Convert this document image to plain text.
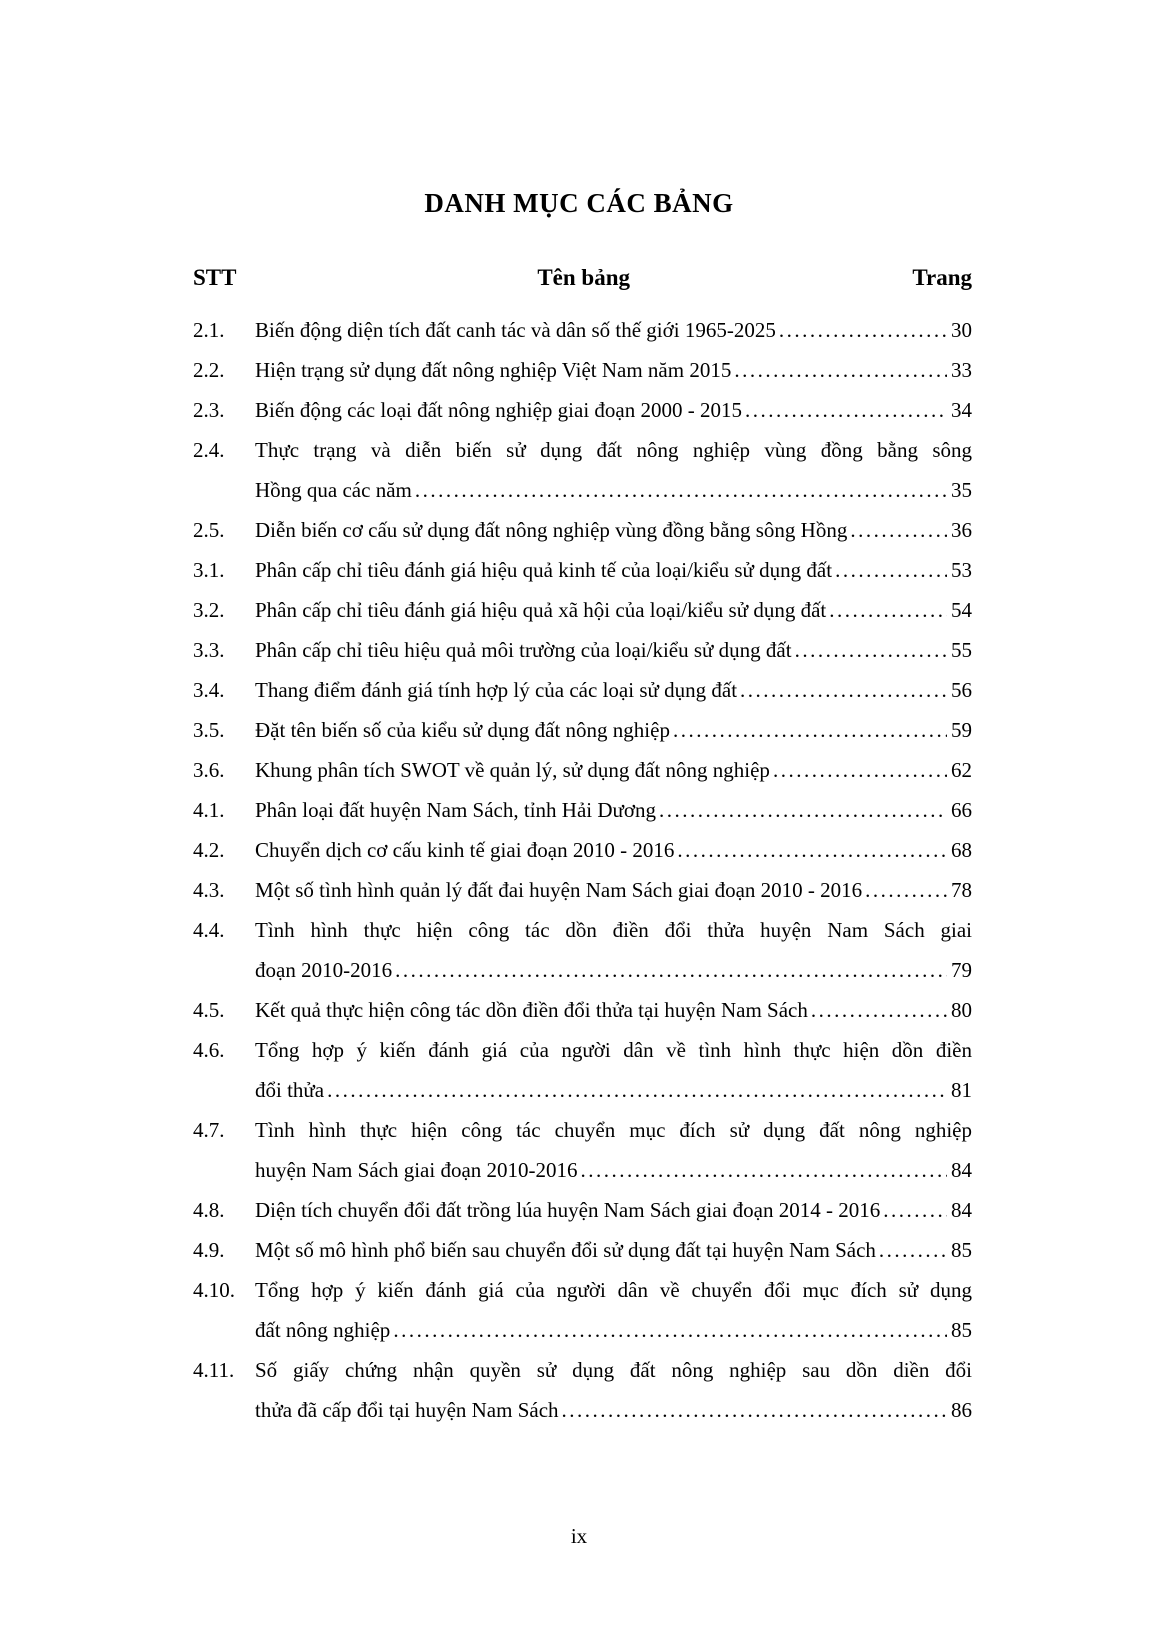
DANH MỤC CÁC BẢNG
STT	Tên bảng	Trang
2.1.	Biến động diện tích đất canh tác và dân số thế giới 1965-2025 .....	30
2.2.	Hiện trạng sử dụng đất nông nghiệp Việt Nam năm 2015 .....	33
2.3.	Biến động các loại đất nông nghiệp giai đoạn 2000 - 2015 .....	34
2.4.	Thực trạng và diễn biến sử dụng đất nông nghiệp vùng đồng bằng sông
Hồng qua các năm .....	35
2.5.	Diễn biến cơ cấu sử dụng đất nông nghiệp vùng đồng bằng sông Hồng .....	36
3.1.	Phân cấp chỉ tiêu đánh giá hiệu quả kinh tế của loại/kiểu sử dụng đất .....	53
3.2.	Phân cấp chỉ tiêu đánh giá hiệu quả xã hội của loại/kiểu sử dụng đất .....	54
3.3.	Phân cấp chỉ tiêu hiệu quả môi trường của loại/kiểu sử dụng đất .....	55
3.4.	Thang điểm đánh giá tính hợp lý của các loại sử dụng đất .....	56
3.5.	Đặt tên biến số của kiểu sử dụng đất nông nghiệp .....	59
3.6.	Khung phân tích SWOT về quản lý, sử dụng đất nông nghiệp .....	62
4.1.	Phân loại đất huyện Nam Sách, tỉnh Hải Dương .....	66
4.2.	Chuyển dịch cơ cấu kinh tế giai đoạn 2010 - 2016 .....	68
4.3.	Một số tình hình quản lý đất đai huyện Nam Sách giai đoạn 2010 - 2016 .....	78
4.4.	Tình hình thực hiện công tác dồn điền đổi thửa huyện Nam Sách giai
đoạn 2010-2016 .....	79
4.5.	Kết quả thực hiện công tác dồn điền đổi thửa tại huyện Nam Sách .....	80
4.6.	Tổng hợp ý kiến đánh giá của người dân về tình hình thực hiện dồn điền
đổi thửa .....	81
4.7.	Tình hình thực hiện công tác chuyển mục đích sử dụng đất nông nghiệp
huyện Nam Sách giai đoạn 2010-2016 .....	84
4.8.	Diện tích chuyển đổi đất trồng lúa huyện Nam Sách giai đoạn 2014 - 2016 .....	84
4.9.	Một số mô hình phổ biến sau chuyển đổi sử dụng đất tại huyện Nam Sách .....	85
4.10. Tổng hợp ý kiến đánh giá của người dân về chuyển đổi mục đích sử dụng
đất nông nghiệp .....	85
4.11. Số giấy chứng nhận quyền sử dụng đất nông nghiệp sau dồn diền đổi
thửa đã cấp đổi tại huyện Nam Sách .....	86
ix
